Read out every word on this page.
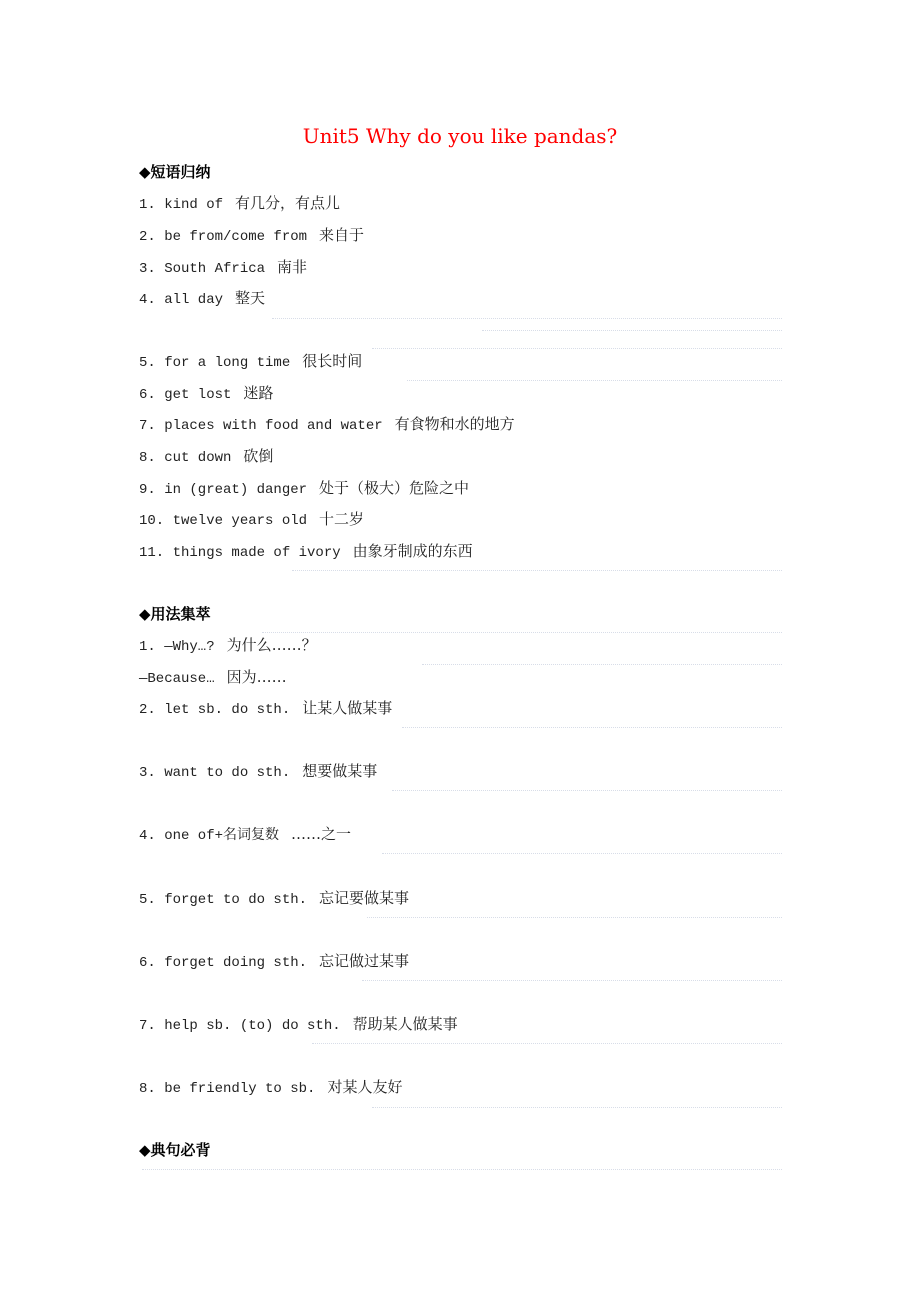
Unit5 Why do you like pandas?
◆短语归纳
1. kind of 有几分，有点儿
2. be from/come from 来自于
3. South Africa 南非
4. all day 整天
5. for a long time 很长时间
6. get lost 迷路
7. places with food and water 有食物和水的地方
8. cut down 砍倒
9. in (great) danger 处于（极大）危险之中
10. twelve years old 十二岁
11. things made of ivory 由象牙制成的东西
◆用法集萃
1. —Why…? 为什么……？
—Because… 因为……
2. let sb. do sth. 让某人做某事
3. want to do sth. 想要做某事
4. one of+名词复数 ……之一
5. forget to do sth. 忘记要做某事
6. forget doing sth. 忘记做过某事
7. help sb. (to) do sth. 帮助某人做某事
8. be friendly to sb. 对某人友好
◆典句必背
